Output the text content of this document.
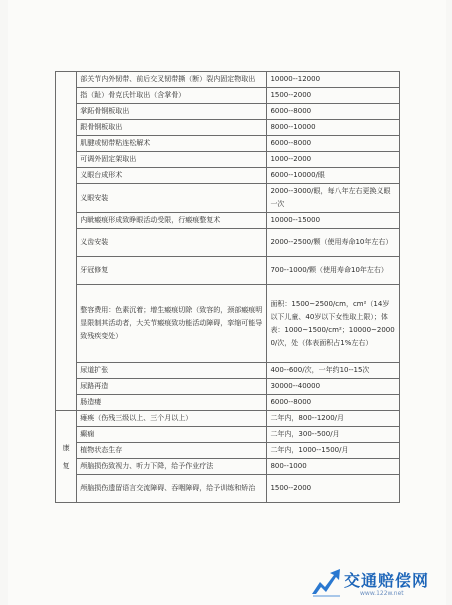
	部关节内外韧带、前后交叉韧带撕（断）裂内固定物取出	10000--12000
	指（趾）骨克氏针取出（含掌骨）	1500--2000
	掌跖骨钢板取出	6000--8000
	跟骨钢板取出	8000--10000
	肌腱或韧带粘连松解术	6000--8000
	可调外固定架取出	1000--2000
	义眼台成形术	6000--10000/眼
	义眼安装	2000--3000/眼，每八年左右更换义眼一次
	内眦瘢痕形成致睁眼活动受限，行瘢痕整复术	10000--15000
	义齿安装	2000--2500/颗（使用寿命10年左右）
	牙冠修复	700--1000/颗（使用寿命10年左右）
	整容费用：色素沉着；增生瘢痕切除（致容的，颈部瘢痕明显限制其活动者，大关节瘢痕致功能活动障碍，挛缩可能导致残疾变处）	面积：1500~2500/cm，cm²（14岁以下儿童、40岁以下女性取上限）；体表：1000~1500/cm²；10000~20000/次，处（体表面积占1%左右）
	尿道扩张	400--600/次，一年约10--15次
	尿路再造	30000--40000
	肠造瘘	6000--8000

康
复	瘫痪（伤残三级以上、三个月以上）	二年内，800--1200/月
	癫痫	二年内，300--500/月
	植物状态生存	二年内，1000--1500/月
	颅脑损伤致视力、听力下降，给予作业疗法	800--1000
	颅脑损伤遗留语言交流障碍、吞咽障碍，给予训练和矫治	1500--2000
交通赔偿网
www.122w.net
